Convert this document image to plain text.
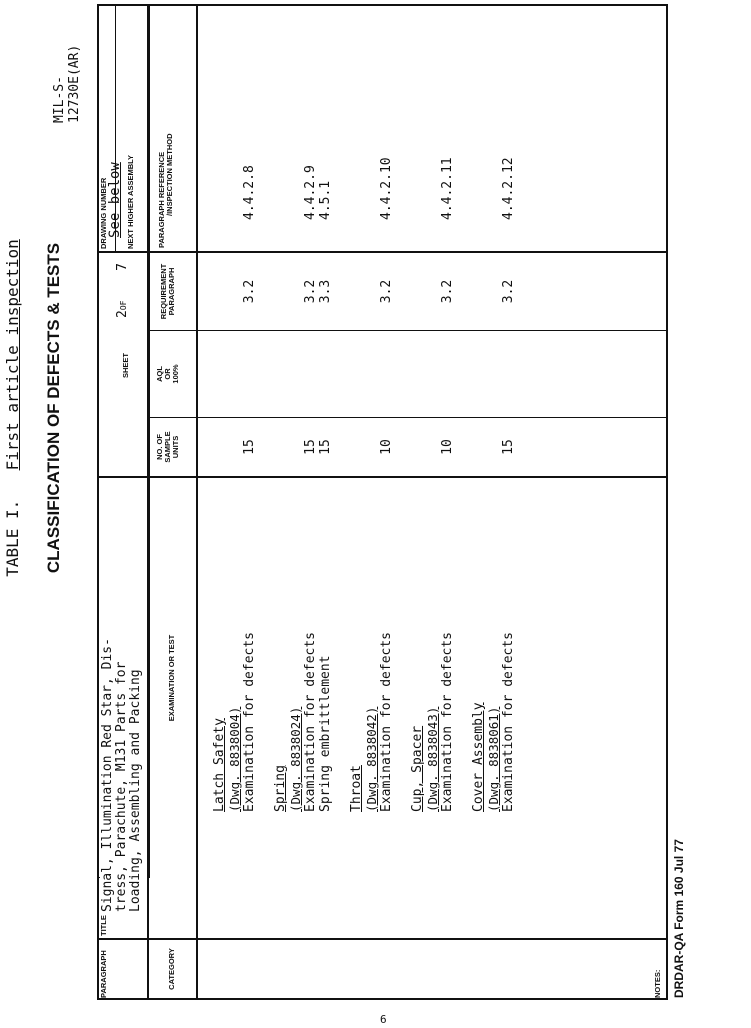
TABLE I.  First article inspection CLASSIFICATION OF DEFECTS & TESTS
MIL-S-12730E(AR)
PARAGRAPH
TITLE
Signal, Illumination Red Star, Dis- tress, Parachute, M131 Parts for Loading, Assembling and Packing
SHEET
2OF  7
DRAWING NUMBER See below NEXT HIGHER ASSEMBLY
CATEGORY
EXAMINATION OR TEST
NO. OF SAMPLE UNITS
AQL OR 100%
REQUIREMENT PARAGRAPH
PARAGRAPH REFERENCE /INSPECTION METHOD
Latch Safety (Dwg. 8838004) Examination for defects
15
3.2
4.4.2.8
Spring (Dwg. 8838024) Examination for defects
15
3.2
4.4.2.9
Spring embrittlement
15
3.3
4.5.1
Throat (Dwg. 8838042) Examination for defects
10
3.2
4.4.2.10
Cup, Spacer (Dwg. 8838043) Examination for defects
10
3.2
4.4.2.11
Cover Assembly (Dwg. 8838061) Examination for defects
15
3.2
4.4.2.12
NOTES: DRDAR-QA Form 160 Jul 77
6
